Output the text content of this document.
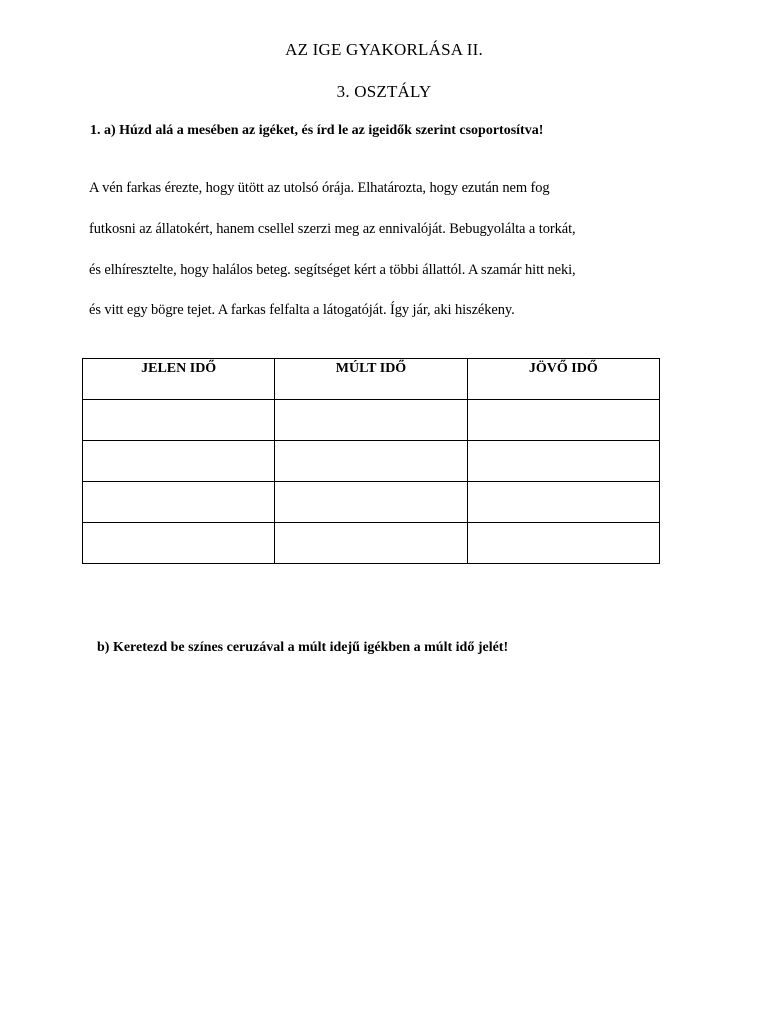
AZ IGE GYAKORLÁSA II.
3. OSZTÁLY
1. a) Húzd alá a mesében az igéket, és írd le az igeidők szerint csoportosítva!
A vén farkas érezte, hogy ütött az utolsó órája. Elhatározta, hogy ezután nem fog
futkosni az állatokért, hanem csellel szerzi meg az ennivalóját. Bebugyolálta a torkát,
és elhíresztelte, hogy halálos beteg. segítséget kért a többi állattól. A szamár hitt neki,
és vitt egy bögre tejet. A farkas felfalta a látogatóját. Így jár, aki hiszékeny.
JELEN IDŐ	MÚLT IDŐ	JÖVŐ IDŐ

b) Keretezd be színes ceruzával a múlt idejű igékben a múlt idő jelét!
